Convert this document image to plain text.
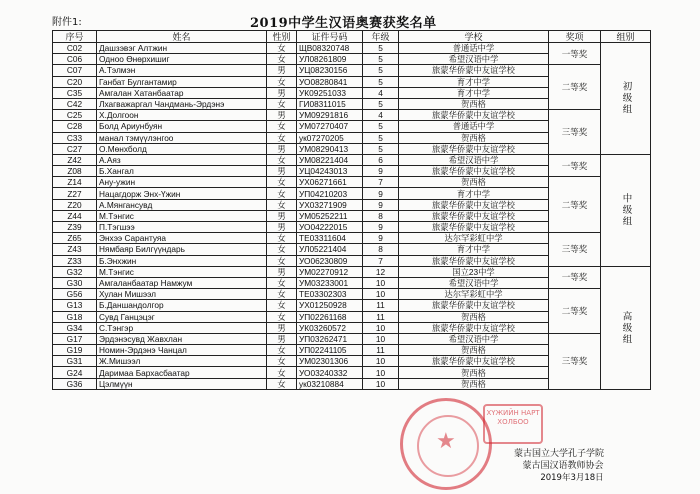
附件1:	2019中学生汉语奥赛获奖名单
序号	姓名	性别	证件号码	年级	学校	奖项	组别
C02	Дашзэвэг Алтжин	女	ЩВ08320748	5	普通话中学	一等奖	初级组
C06	Одноо Өнөрхишиг	女	УЛ08261809	5	希望汉语中学		
C07	А.Тэлмэн	男	УЦ08230156	5	旅蒙华侨蒙中友谊学校	二等奖	
C20	Ганбат Булгантамир	女	УО08280841	5	育才中学		
C35	Амгалан Хатанбаатар	男	УК09251033	4	育才中学		
C42	Лхагважаргал Чандмань-Эрдэнэ	女	ГИ08311015	5	贺西格		
C25	Х.Долгоон	男	УМ09291816	4	旅蒙华侨蒙中友谊学校	三等奖	
C28	Болд Ариунбуян	女	УМ07270407	5	普通话中学		
C33	манал тэмүүлэнгоо	女	ук07270205	5	贺西格		
C27	О.Мөнхболд	男	УМ08290413	5	旅蒙华侨蒙中友谊学校		
Z42	А.Аяз	女	УМ08221404	6	希望汉语中学	一等奖	中级组
Z08	Б.Хангал	男	УЦ04243013	9	旅蒙华侨蒙中友谊学校		
Z14	Ану-ужин	女	УХ06271661	7	贺西格	二等奖	
Z27	Нацагдорж Энх-Үжин	女	УП04210203	9	育才中学		
Z20	А.Мянгансувд	女	УХ03271909	9	旅蒙华侨蒙中友谊学校		
Z44	М.Тэнгис	男	УМ05252211	8	旅蒙华侨蒙中友谊学校		
Z39	П.Тэгшээ	男	УО04222015	9	旅蒙华侨蒙中友谊学校		
Z65	Энхээ Сарантуяа	女	ТЕ03311604	9	达尔罕彩虹中学	三等奖	
Z43	Нямбаяр Билгүүндарь	女	УЛ05221404	8	育才中学		
Z33	Б.Энхжин	女	УО06230809	7	旅蒙华侨蒙中友谊学校		
G32	М.Тэнгис	男	УМ02270912	12	国立23中学	一等奖	高级组
G30	Амгаланбаатар Намжум	女	УМ03233001	10	希望汉语中学		
G56	Хулан Мишээл	女	ТЕ03302303	10	达尔罕彩虹中学	二等奖	
G13	Б.Даншандолгор	女	УХ01250928	11	旅蒙华侨蒙中友谊学校		
G18	Сувд Ганцэцэг	女	УП02261168	11	贺西格		
G34	С.Тэнгэр	男	УК03260572	10	旅蒙华侨蒙中友谊学校		
G17	Эрдэнэсувд Жавхлан	男	УП03262471	10	希望汉语中学	三等奖	
G19	Номин-Эрдэнэ Чанцал	女	УП02241105	11	贺西格		
G31	Ж.Мишээл	女	УМ02301306	10	旅蒙华侨蒙中友谊学校		
G24	Даримаа Бархасбаатар	女	УО03240332	10	贺西格		
G36	Цэлмүүн	女	ук03210884	10	贺西格		
★
ХҮЖИЙН НАРТ ХОЛБОО
蒙古国立大学孔子学院
蒙古国汉语教师协会
2019年3月18日
